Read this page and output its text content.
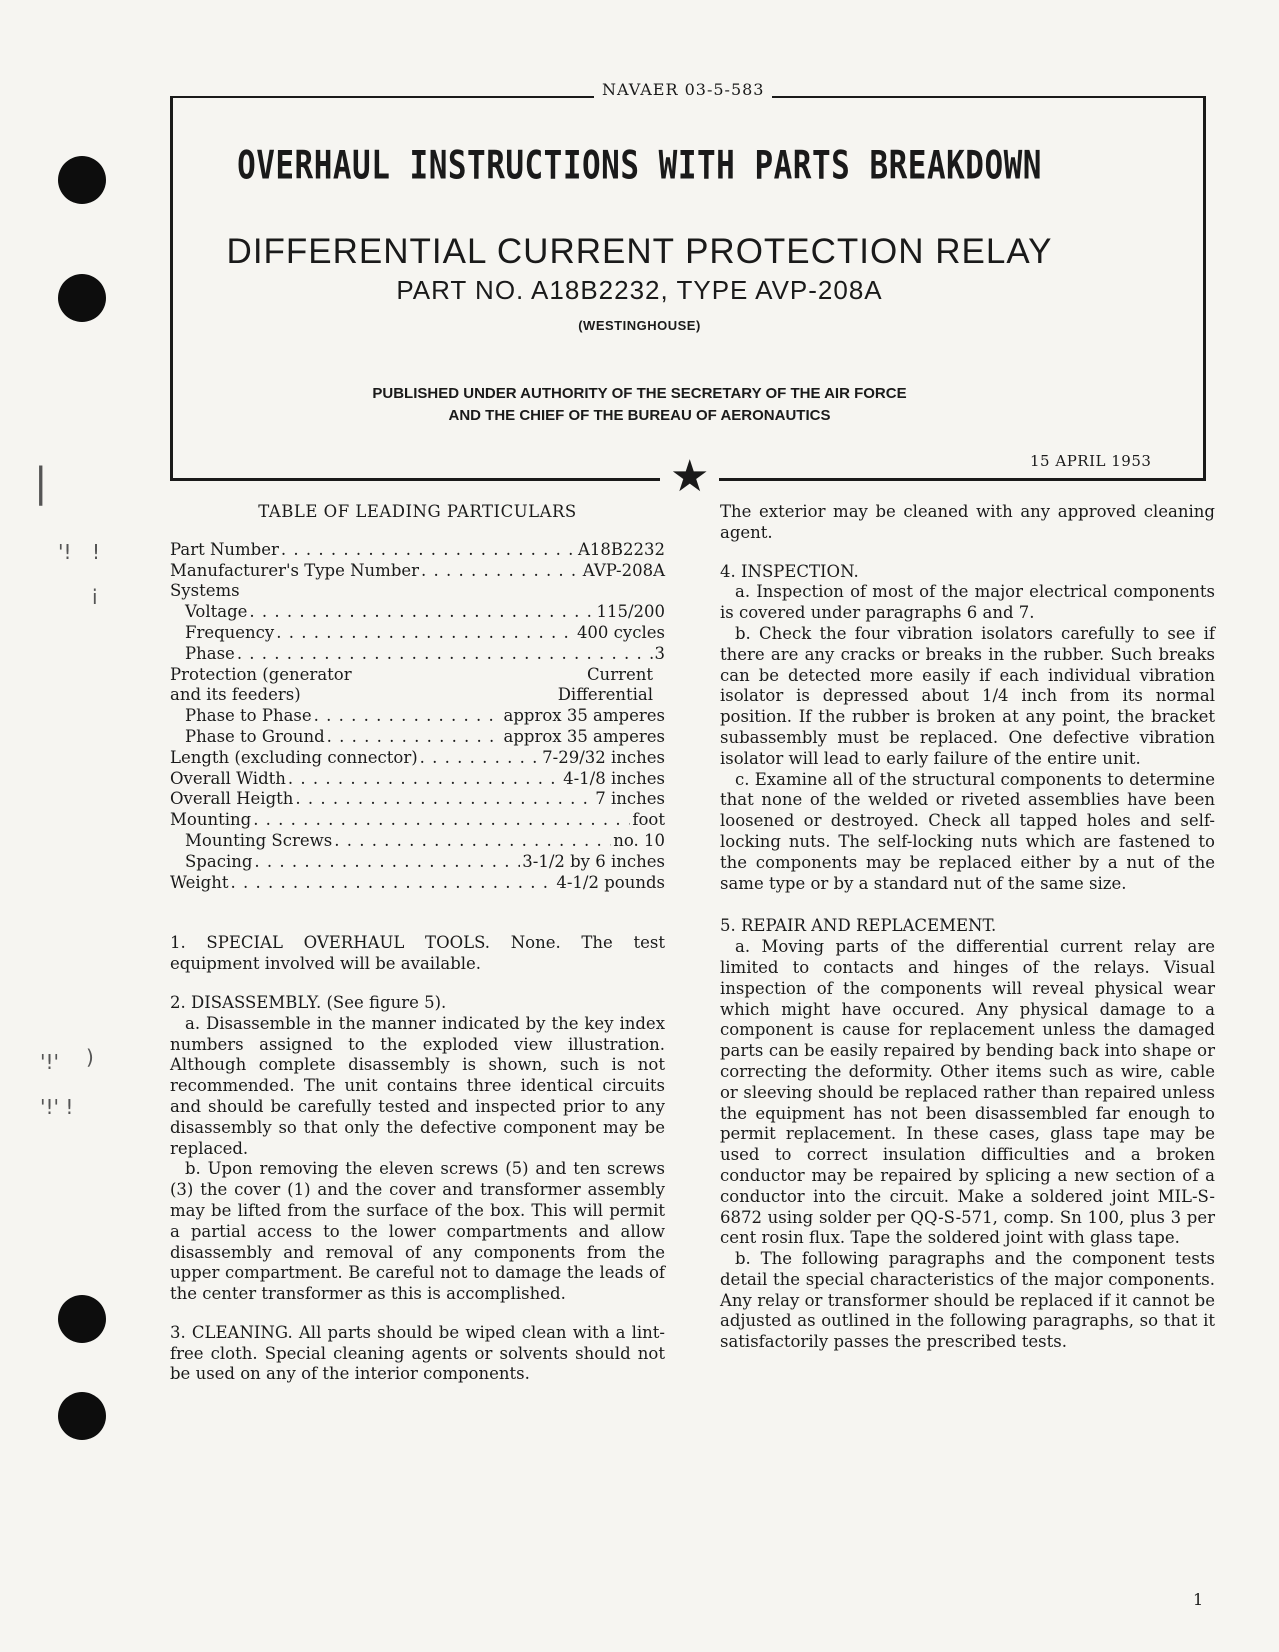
|
'! !
i
'!' )
'!' !
NAVAER 03-5-583
OVERHAUL INSTRUCTIONS WITH PARTS BREAKDOWN
DIFFERENTIAL CURRENT PROTECTION RELAY
PART NO. A18B2232, TYPE AVP-208A
(WESTINGHOUSE)
PUBLISHED UNDER AUTHORITY OF THE SECRETARY OF THE AIR FORCE
AND THE CHIEF OF THE BUREAU OF AERONAUTICS
15 APRIL 1953
★
TABLE OF LEADING PARTICULARS
Part Number . . .	A18B2232
Manufacturer's Type Number . . .	AVP-208A
Systems
Voltage . . .	115/200
Frequency . . .	400 cycles
Phase . . .	3
Protection (generator	Current
and its feeders)	Differential
Phase to Phase . . .	approx 35 amperes
Phase to Ground . . .	approx 35 amperes
Length (excluding connector) . . .	7-29/32 inches
Overall Width . . .	4-1/8 inches
Overall Heigth . . .	7 inches
Mounting . . .	foot
Mounting Screws . . .	no. 10
Spacing . . .	3-1/2 by 6 inches
Weight . . .	4-1/2 pounds

1. SPECIAL OVERHAUL TOOLS. None. The test equipment involved will be available.

2. DISASSEMBLY. (See figure 5).

a. Disassemble in the manner indicated by the key index numbers assigned to the exploded view illustration. Although complete disassembly is shown, such is not recommended. The unit contains three identical circuits and should be carefully tested and inspected prior to any disassembly so that only the defective component may be replaced.

b. Upon removing the eleven screws (5) and ten screws (3) the cover (1) and the cover and transformer assembly may be lifted from the surface of the box. This will permit a partial access to the lower compartments and allow disassembly and removal of any components from the upper compartment. Be careful not to damage the leads of the center transformer as this is accomplished.

3. CLEANING. All parts should be wiped clean with a lint-free cloth. Special cleaning agents or solvents should not be used on any of the interior components.

The exterior may be cleaned with any approved cleaning agent.

4. INSPECTION.

a. Inspection of most of the major electrical components is covered under paragraphs 6 and 7.

b. Check the four vibration isolators carefully to see if there are any cracks or breaks in the rubber. Such breaks can be detected more easily if each individual vibration isolator is depressed about 1/4 inch from its normal position. If the rubber is broken at any point, the bracket subassembly must be replaced. One defective vibration isolator will lead to early failure of the entire unit.

c. Examine all of the structural components to determine that none of the welded or riveted assemblies have been loosened or destroyed. Check all tapped holes and self-locking nuts. The self-locking nuts which are fastened to the components may be replaced either by a nut of the same type or by a standard nut of the same size.

5. REPAIR AND REPLACEMENT.

a. Moving parts of the differential current relay are limited to contacts and hinges of the relays. Visual inspection of the components will reveal physical wear which might have occured. Any physical damage to a component is cause for replacement unless the damaged parts can be easily repaired by bending back into shape or correcting the deformity. Other items such as wire, cable or sleeving should be replaced rather than repaired unless the equipment has not been disassembled far enough to permit replacement. In these cases, glass tape may be used to correct insulation difficulties and a broken conductor may be repaired by splicing a new section of a conductor into the circuit. Make a soldered joint MIL-S-6872 using solder per QQ-S-571, comp. Sn 100, plus 3 per cent rosin flux. Tape the soldered joint with glass tape.

b. The following paragraphs and the component tests detail the special characteristics of the major components. Any relay or transformer should be replaced if it cannot be adjusted as outlined in the following paragraphs, so that it satisfactorily passes the prescribed tests.

1
